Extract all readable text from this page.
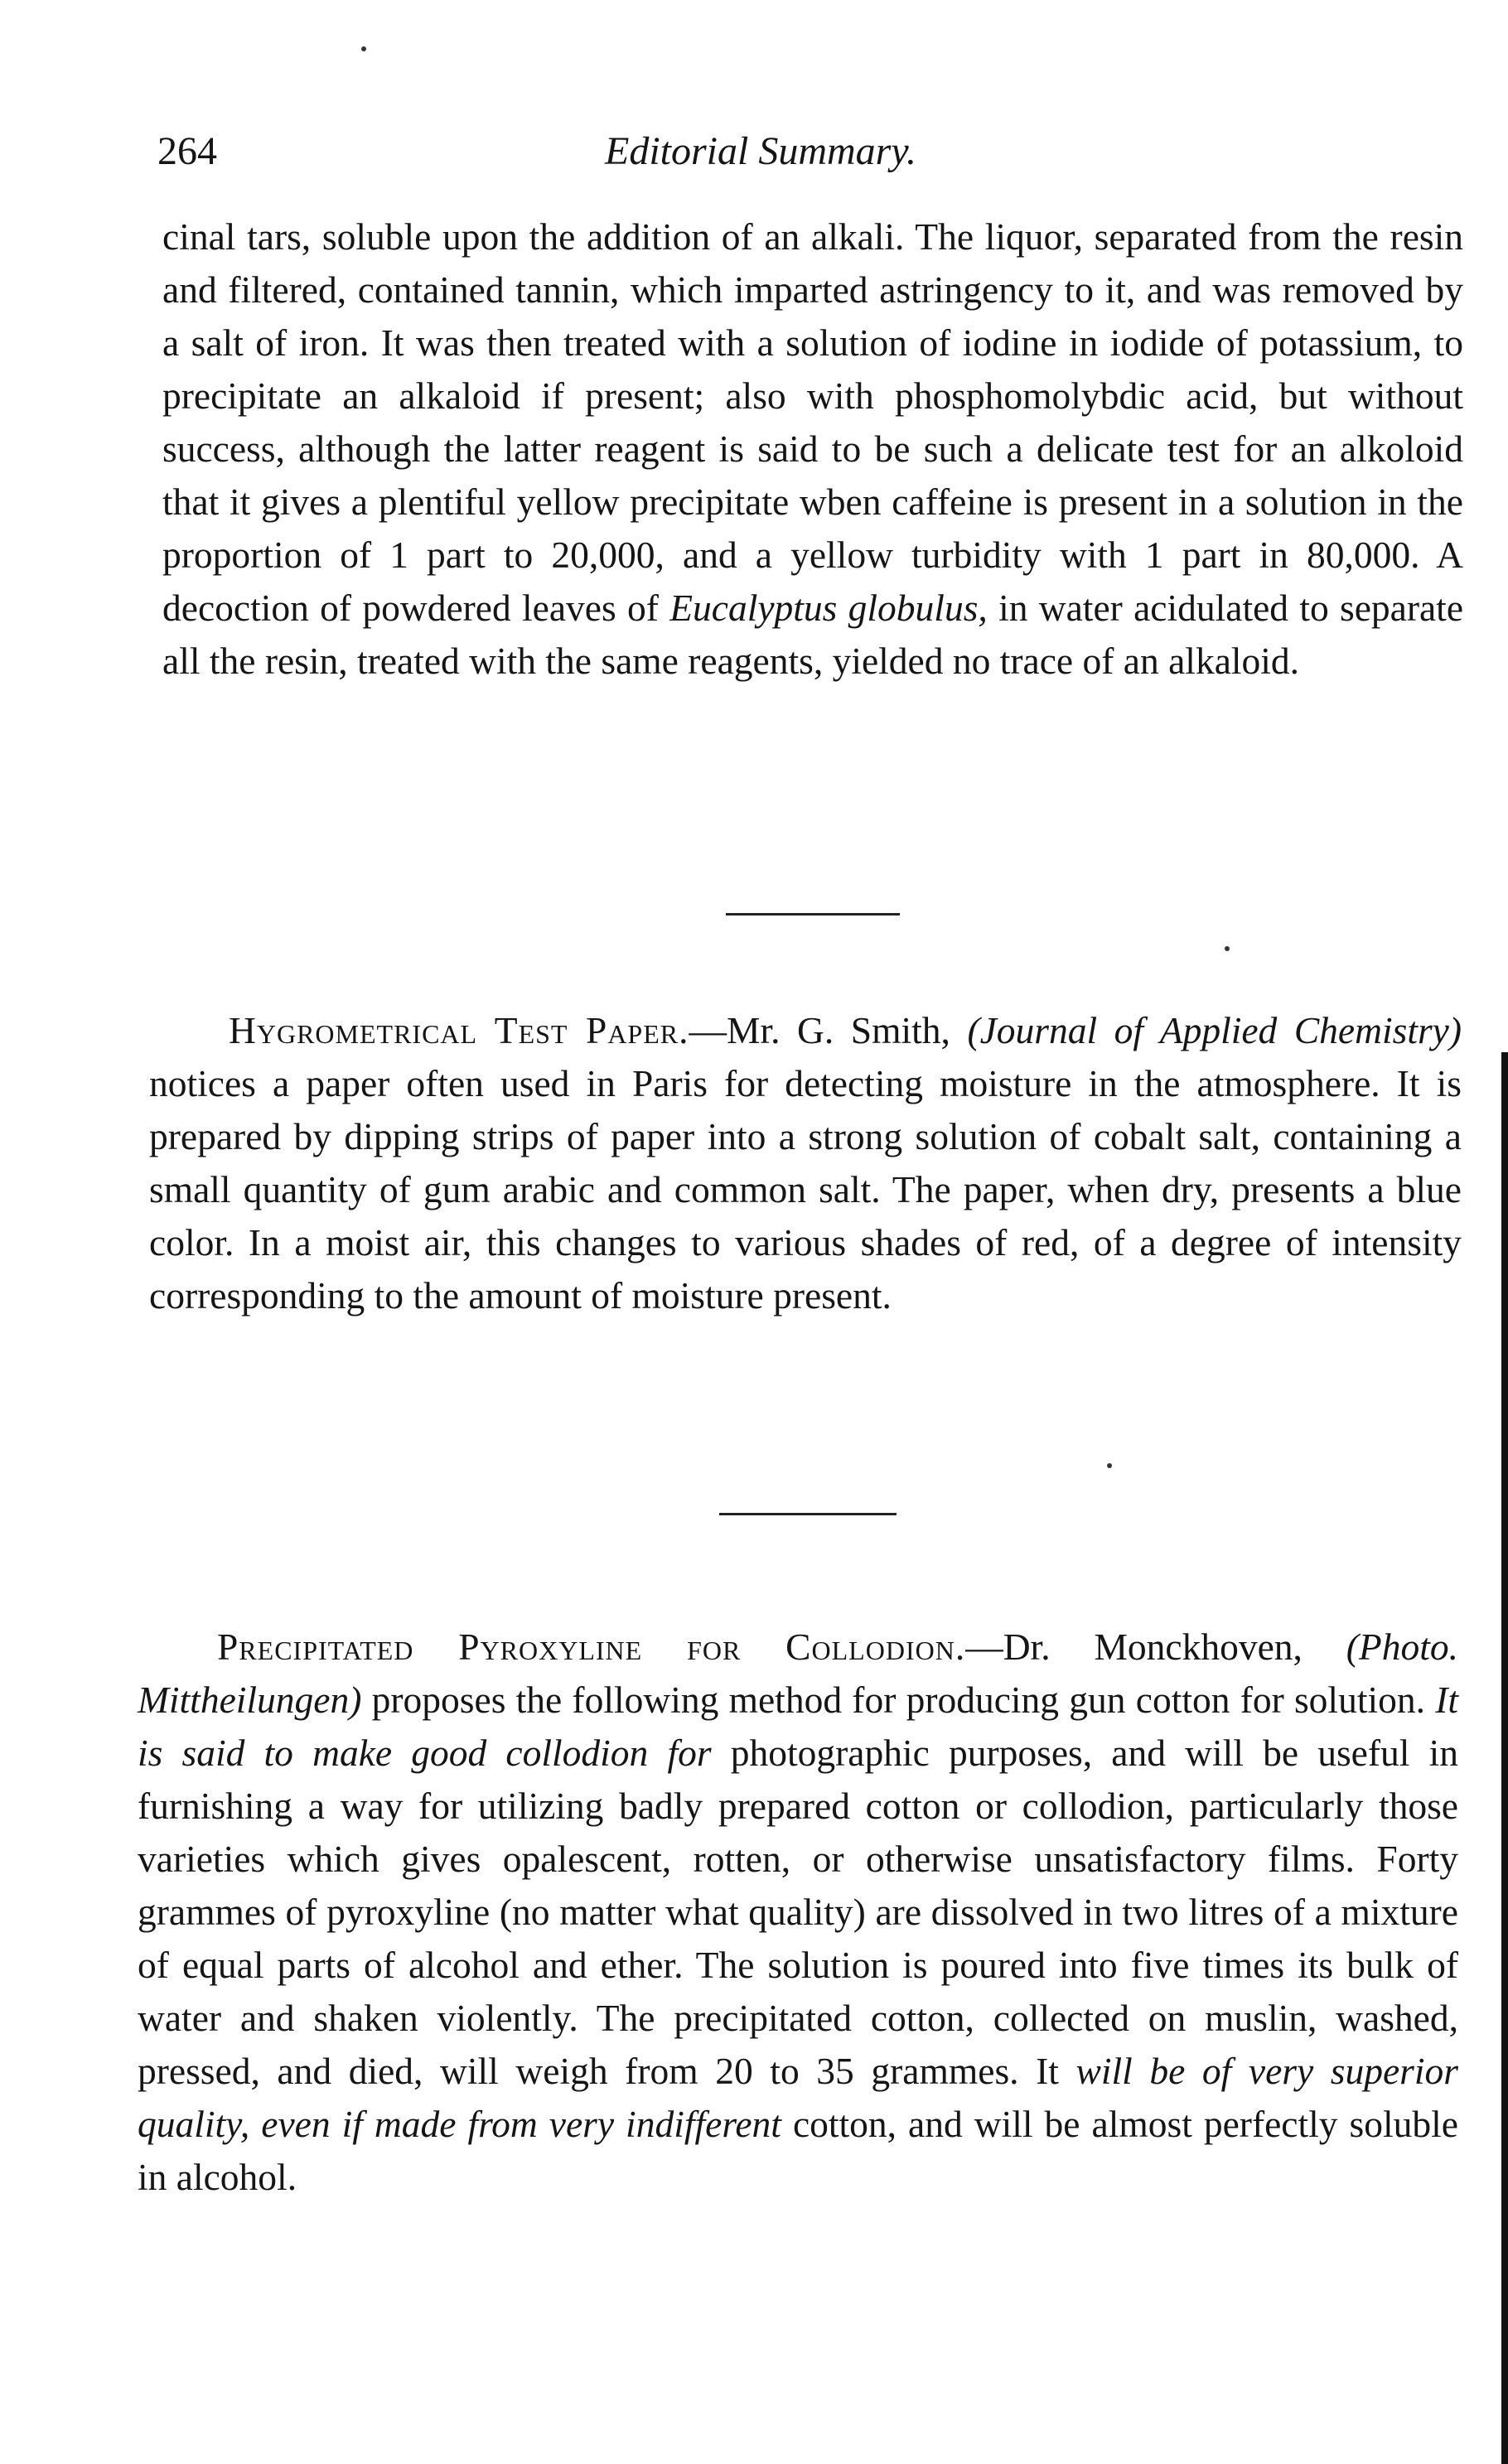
264	Editorial Summary.
cinal tars, soluble upon the addition of an alkali. The liquor, separated from the resin and filtered, contained tannin, which imparted astringency to it, and was removed by a salt of iron. It was then treated with a solution of iodine in iodide of potassium, to precipitate an alkaloid if present; also with phosphomolybdic acid, but without success, although the latter reagent is said to be such a delicate test for an alkoloid that it gives a plentiful yellow precipitate wben caffeine is present in a solution in the proportion of 1 part to 20,000, and a yellow turbidity with 1 part in 80,000. A decoction of powdered leaves of Eucalyptus globulus, in water acidulated to separate all the resin, treated with the same reagents, yielded no trace of an alkaloid.
Hygrometrical Test Paper.—Mr. G. Smith, (Journal of Applied Chemistry) notices a paper often used in Paris for detecting moisture in the atmosphere. It is prepared by dipping strips of paper into a strong solution of cobalt salt, containing a small quantity of gum arabic and common salt. The paper, when dry, presents a blue color. In a moist air, this changes to various shades of red, of a degree of intensity corresponding to the amount of moisture present.
Precipitated Pyroxyline for Collodion.—Dr. Monckhoven, (Photo. Mittheilungen) proposes the following method for producing gun cotton for solution. It is said to make good collodion for photographic purposes, and will be useful in furnishing a way for utilizing badly prepared cotton or collodion, particularly those varieties which gives opalescent, rotten, or otherwise unsatisfactory films. Forty grammes of pyroxyline (no matter what quality) are dissolved in two litres of a mixture of equal parts of alcohol and ether. The solution is poured into five times its bulk of water and shaken violently. The precipitated cotton, collected on muslin, washed, pressed, and died, will weigh from 20 to 35 grammes. It will be of very superior quality, even if made from very indifferent cotton, and will be almost perfectly soluble in alcohol.
